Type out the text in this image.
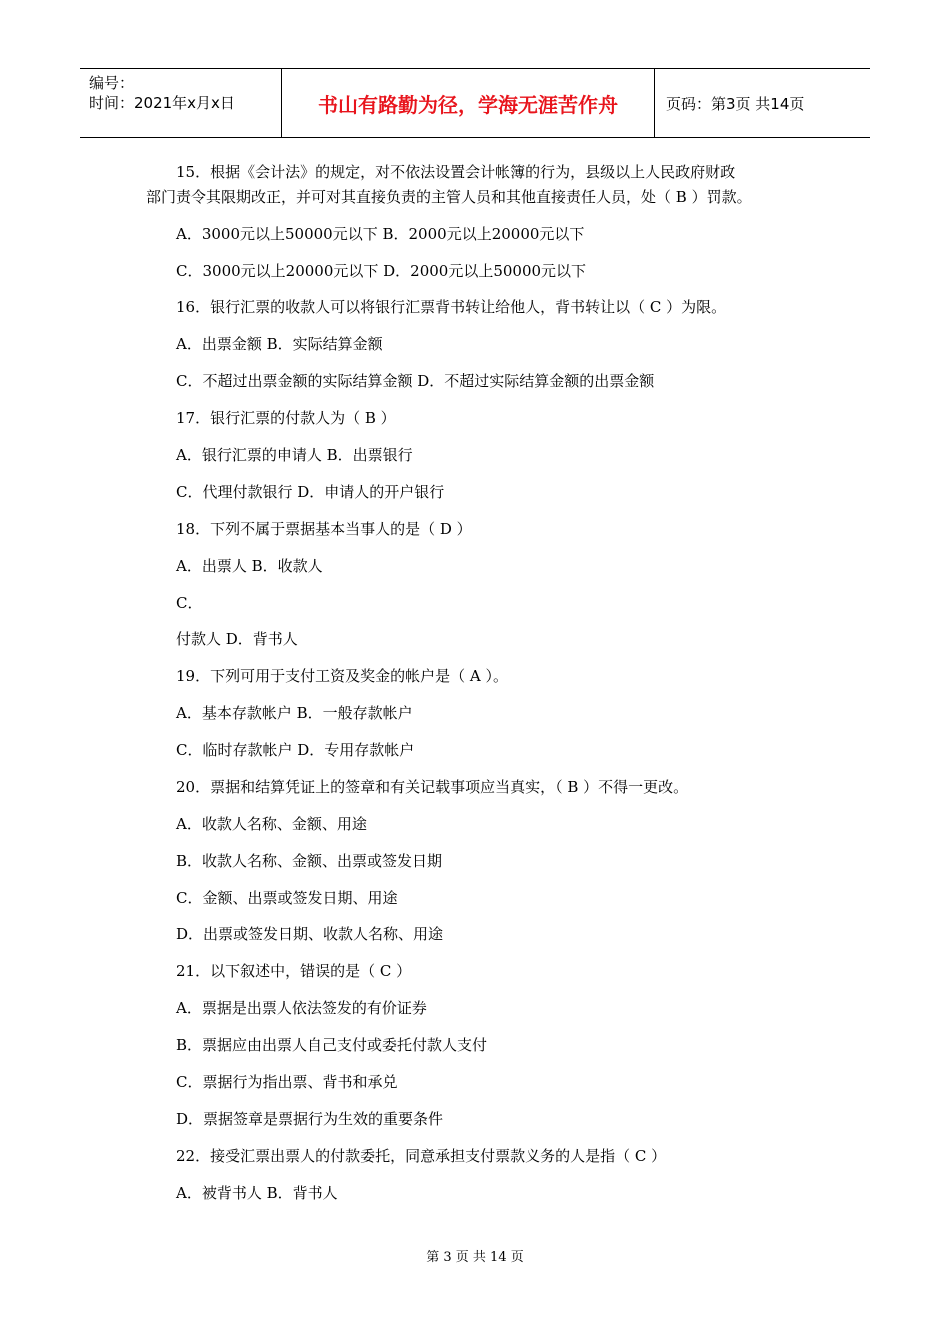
编号：
时间：2021年x月x日	书山有路勤为径，学海无涯苦作舟	页码：第3页 共14页
15．根据《会计法》的规定，对不依法设置会计帐簿的行为，县级以上人民政府财政
部门责令其限期改正，并可对其直接负责的主管人员和其他直接责任人员，处（ B ）罚款。
A．3000元以上50000元以下 B．2000元以上20000元以下
C．3000元以上20000元以下 D．2000元以上50000元以下
16．银行汇票的收款人可以将银行汇票背书转让给他人，背书转让以（ C ）为限。
A．出票金额 B．实际结算金额
C．不超过出票金额的实际结算金额 D．不超过实际结算金额的出票金额
17．银行汇票的付款人为（ B ）
A．银行汇票的申请人 B．出票银行
C．代理付款银行 D．申请人的开户银行
18．下列不属于票据基本当事人的是（ D ）
A．出票人 B．收款人
C．
付款人 D．背书人
19．下列可用于支付工资及奖金的帐户是（ A ）。
A．基本存款帐户 B．一般存款帐户
C．临时存款帐户 D．专用存款帐户
20．票据和结算凭证上的签章和有关记载事项应当真实，（ B ）不得一更改。
A．收款人名称、金额、用途
B．收款人名称、金额、出票或签发日期
C．金额、出票或签发日期、用途
D．出票或签发日期、收款人名称、用途
21．以下叙述中，错误的是（ C ）
A．票据是出票人依法签发的有价证券
B．票据应由出票人自己支付或委托付款人支付
C．票据行为指出票、背书和承兑
D．票据签章是票据行为生效的重要条件
22．接受汇票出票人的付款委托，同意承担支付票款义务的人是指（ C ）
A．被背书人 B．背书人
第 3 页 共 14 页
